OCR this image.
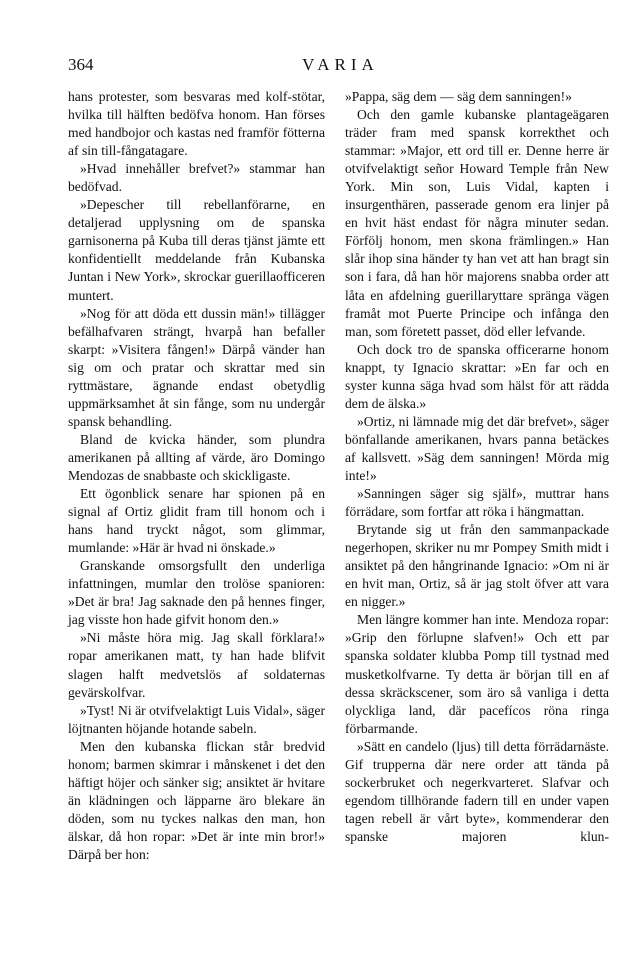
364	VARIA

hans protester, som besvaras med kolf-stötar, hvilka till hälften bedöfva honom. Han förses med handbojor och kastas ned framför fötterna af sin till-fångatagare.

»Hvad innehåller brefvet?» stammar han bedöfvad.

»Depescher till rebellanförarne, en detaljerad upplysning om de spanska garnisonerna på Kuba till deras tjänst jämte ett konfidentiellt meddelande från Kubanska Juntan i New York», skrockar guerillaofficeren muntert.

»Nog för att döda ett dussin män!» tillägger befälhafvaren strängt, hvarpå han befaller skarpt: »Visitera fången!» Därpå vänder han sig om och pratar och skrattar med sin ryttmästare, ägnande endast obetydlig uppmärksamhet åt sin fånge, som nu undergår spansk behandling.

Bland de kvicka händer, som plundra amerikanen på allting af värde, äro Domingo Mendozas de snabbaste och skickligaste.

Ett ögonblick senare har spionen på en signal af Ortiz glidit fram till honom och i hans hand tryckt något, som glimmar, mumlande: »Här är hvad ni önskade.»

Granskande omsorgsfullt den underliga infattningen, mumlar den trolöse spanioren: »Det är bra! Jag saknade den på hennes finger, jag visste hon hade gifvit honom den.»

»Ni måste höra mig. Jag skall förklara!» ropar amerikanen matt, ty han hade blifvit slagen halft medvetslös af soldaternas gevärskolfvar.

»Tyst! Ni är otvifvelaktigt Luis Vidal», säger löjtnanten höjande hotande sabeln.

Men den kubanska flickan står bredvid honom; barmen skimrar i månskenet i det den häftigt höjer och sänker sig; ansiktet är hvitare än klädningen och läpparne äro blekare än döden, som nu tyckes nalkas den man, hon älskar, då hon ropar: »Det är inte min bror!» Därpå ber hon:

»Pappa, säg dem — säg dem sanningen!»

Och den gamle kubanske plantageägaren träder fram med spansk korrekthet och stammar: »Major, ett ord till er. Denne herre är otvifvelaktigt señor Howard Temple från New York. Min son, Luis Vidal, kapten i insurgenthären, passerade genom era linjer på en hvit häst endast för några minuter sedan. Förfölj honom, men skona främlingen.» Han slår ihop sina händer ty han vet att han bragt sin son i fara, då han hör majorens snabba order att låta en afdelning guerillaryttare spränga vägen framåt mot Puerte Principe och infånga den man, som företett passet, död eller lefvande.

Och dock tro de spanska officerarne honom knappt, ty Ignacio skrattar: »En far och en syster kunna säga hvad som hälst för att rädda dem de älska.»

»Ortiz, ni lämnade mig det där brefvet», säger bönfallande amerikanen, hvars panna betäckes af kallsvett. »Säg dem sanningen! Mörda mig inte!»

»Sanningen säger sig själf», muttrar hans förrädare, som fortfar att röka i hängmattan.

Brytande sig ut från den sammanpackade negerhopen, skriker nu mr Pompey Smith midt i ansiktet på den hångrinande Ignacio: »Om ni är en hvit man, Ortiz, så är jag stolt öfver att vara en nigger.»

Men längre kommer han inte. Mendoza ropar: »Grip den förlupne slafven!» Och ett par spanska soldater klubba Pomp till tystnad med musketkolfvarne. Ty detta är början till en af dessa skräckscener, som äro så vanliga i detta olyckliga land, där pacefícos röna ringa förbarmande.

»Sätt en candelo (ljus) till detta förrädarnäste. Gif trupperna där nere order att tända på sockerbruket och negerkvarteret. Slafvar och egendom tillhörande fadern till en under vapen tagen rebell är vårt byte», kommenderar den spanske majoren klun-
